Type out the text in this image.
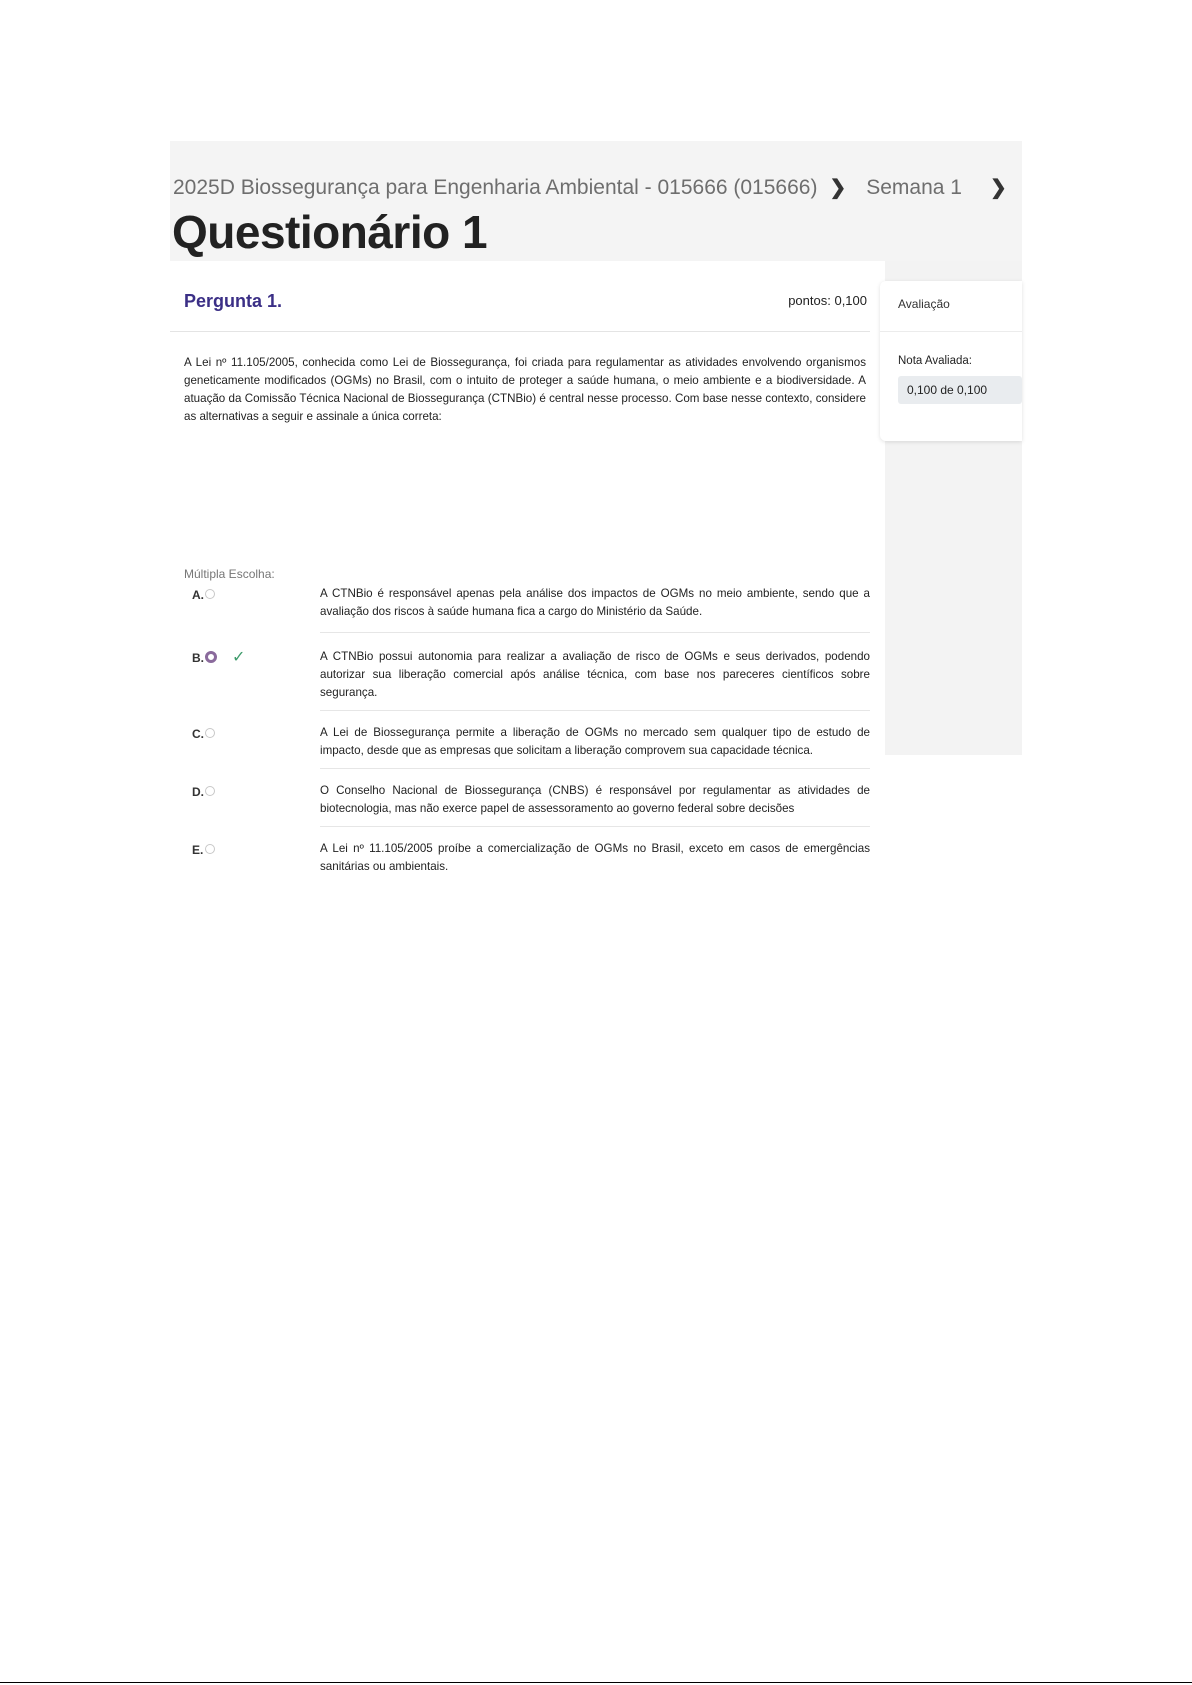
2025D Biossegurança para Engenharia Ambiental - 015666 (015666) ❯ Semana 1 ❯
Questionário 1
Pergunta 1.	pontos: 0,100
A Lei nº 11.105/2005, conhecida como Lei de Biossegurança, foi criada para regulamentar as atividades envolvendo organismos geneticamente modificados (OGMs) no Brasil, com o intuito de proteger a saúde humana, o meio ambiente e a biodiversidade. A atuação da Comissão Técnica Nacional de Biossegurança (CTNBio) é central nesse processo. Com base nesse contexto, considere as alternativas a seguir e assinale a única correta:
Múltipla Escolha:
A.	A CTNBio é responsável apenas pela análise dos impactos de OGMs no meio ambiente, sendo que a avaliação dos riscos à saúde humana fica a cargo do Ministério da Saúde.
B. ✓	A CTNBio possui autonomia para realizar a avaliação de risco de OGMs e seus derivados, podendo autorizar sua liberação comercial após análise técnica, com base nos pareceres científicos sobre segurança.
C.	A Lei de Biossegurança permite a liberação de OGMs no mercado sem qualquer tipo de estudo de impacto, desde que as empresas que solicitam a liberação comprovem sua capacidade técnica.
D.	O Conselho Nacional de Biossegurança (CNBS) é responsável por regulamentar as atividades de biotecnologia, mas não exerce papel de assessoramento ao governo federal sobre decisões
E.	A Lei nº 11.105/2005 proíbe a comercialização de OGMs no Brasil, exceto em casos de emergências sanitárias ou ambientais.
Avaliação
Nota Avaliada:
0,100 de 0,100
